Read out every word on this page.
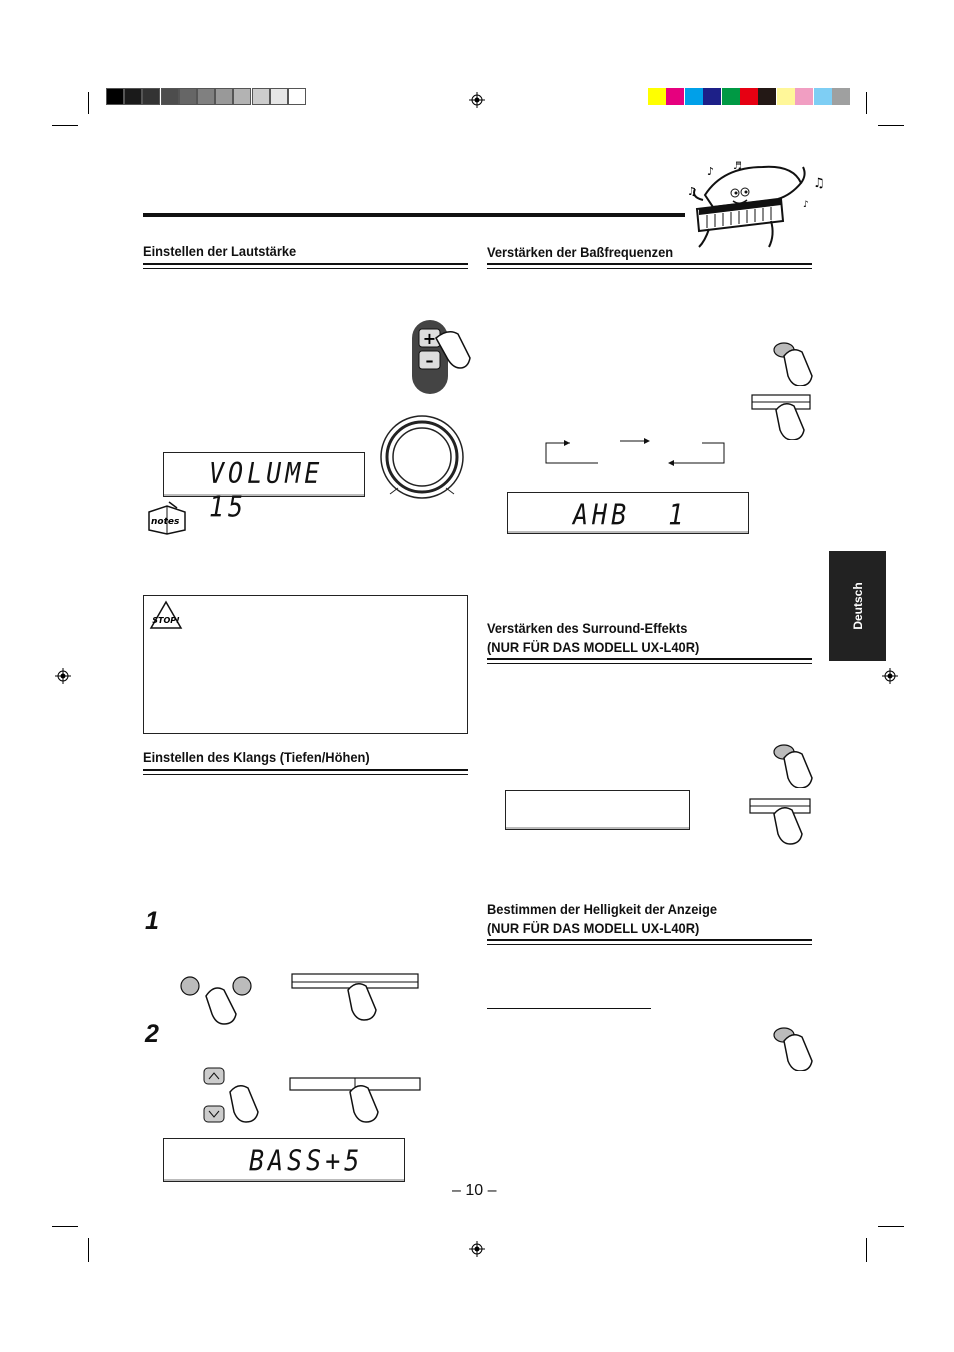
♫
♪ ♬
♫
♪
Einstellen der Lautstärke
+
–
VOLUME 15
notes
STOP!
Einstellen des Klangs (Tiefen/Höhen)
1
2
BASS+5
Verstärken der Baßfrequenzen
AHB  1
Deutsch
Verstärken des Surround-Effekts
(NUR FÜR DAS MODELL UX-L40R)
Bestimmen der Helligkeit der Anzeige
(NUR FÜR DAS MODELL UX-L40R)
– 10 –
